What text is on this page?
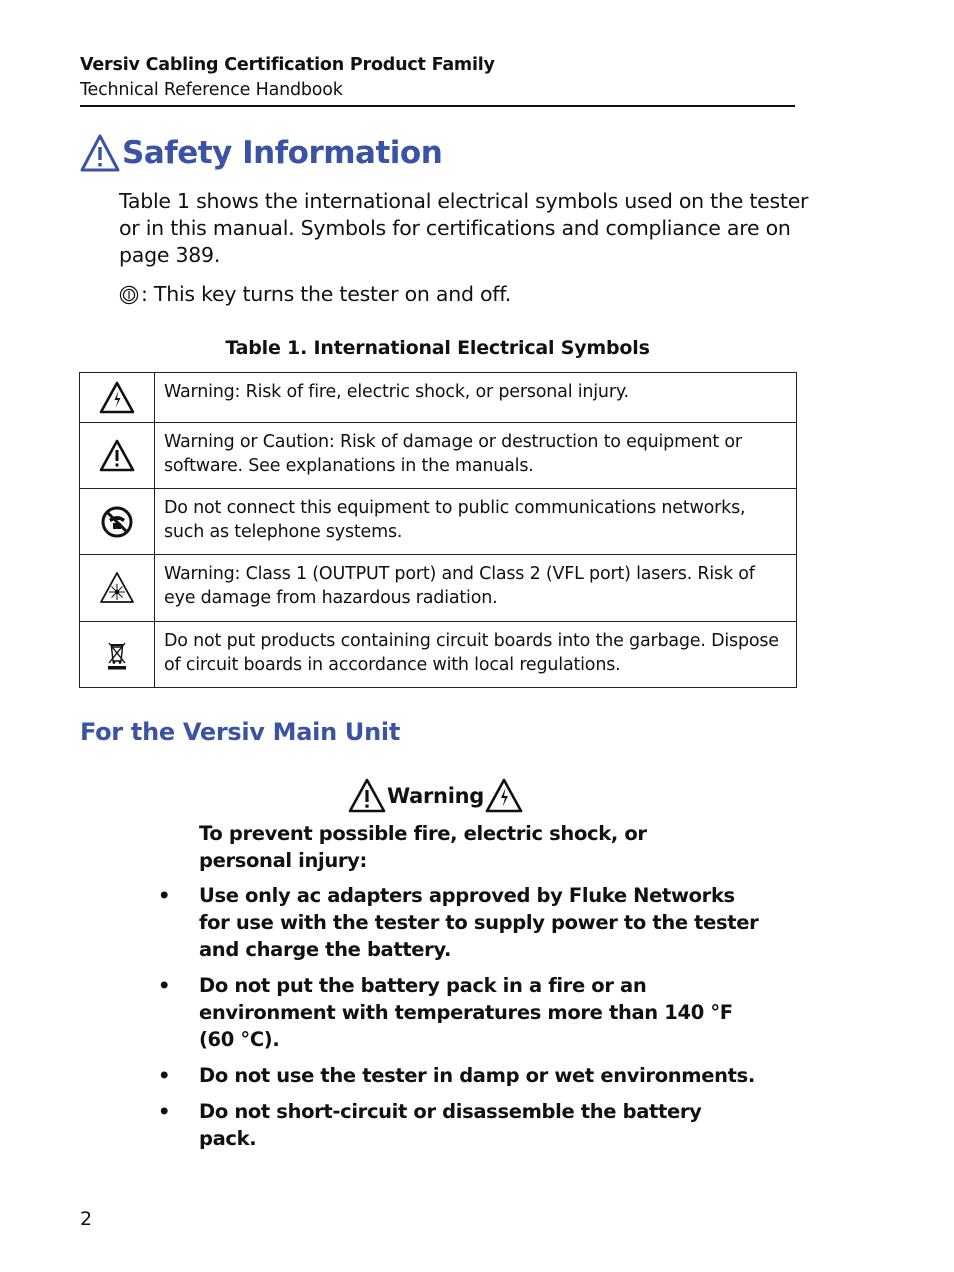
Versiv Cabling Certification Product Family
Technical Reference Handbook
Safety Information
Table 1 shows the international electrical symbols used on the tester or in this manual. Symbols for certifications and compliance are on page 389.
: This key turns the tester on and off.
Table 1. International Electrical Symbols
	Warning: Risk of fire, electric shock, or personal injury.

	Warning or Caution: Risk of damage or destruction to equipment or software. See explanations in the manuals.

	Do not connect this equipment to public communications networks, such as telephone systems.

	Warning: Class 1 (OUTPUT port) and Class 2 (VFL port) lasers. Risk of eye damage from hazardous radiation.

	Do not put products containing circuit boards into the garbage. Dispose of circuit boards in accordance with local regulations.
For the Versiv Main Unit
Warning
To prevent possible fire, electric shock, or personal injury:
• Use only ac adapters approved by Fluke Networks for use with the tester to supply power to the tester and charge the battery.
• Do not put the battery pack in a fire or an environment with temperatures more than 140 °F (60 °C).
• Do not use the tester in damp or wet environments.
• Do not short-circuit or disassemble the battery pack.
2
